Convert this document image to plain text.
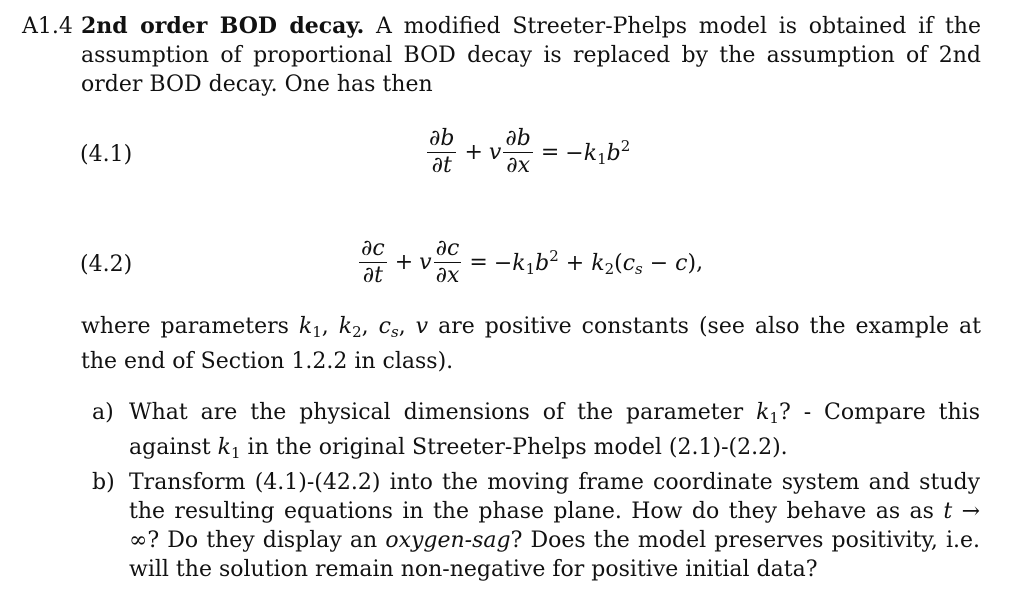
A1.4 2nd order BOD decay. A modified Streeter-Phelps model is obtained if the assumption of proportional BOD decay is replaced by the assumption of 2nd order BOD decay. One has then
(4.1)	$\frac{\partial b}{\partial t} + v \frac{\partial b}{\partial x} = -k_1b^2$
(4.2)	$\frac{\partial c}{\partial t} + v \frac{\partial c}{\partial x} = -k_1b^2 + k_2(c_s - c)$ ,
where parameters $k_1$, $k_2$, $c_s$, v are positive constants (see also the example at the end of Section 1.2.2 in class).
a) What are the physical dimensions of the parameter $k_1$? - Compare this against $k_1$ in the original Streeter-Phelps model (2.1)-(2.2).
b) Transform (4.1)-(42.2) into the moving frame coordinate system and study the resulting equations in the phase plane. How do they behave as as t → ∞? Do they display an oxygen-sag? Does the model preserves positivity, i.e. will the solution remain non-negative for positive initial data?
